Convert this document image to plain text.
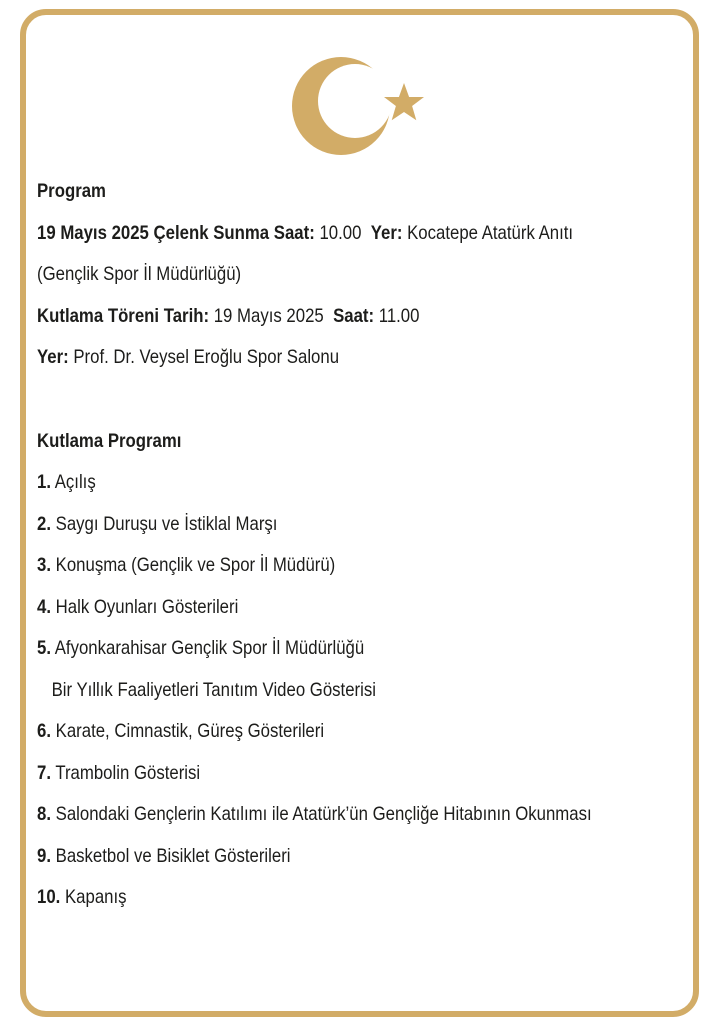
Program
19 Mayıs 2025 Çelenk Sunma Saat: 10.00 Yer: Kocatepe Atatürk Anıtı
(Gençlik Spor İl Müdürlüğü)
Kutlama Töreni Tarih: 19 Mayıs 2025 Saat: 11.00
Yer: Prof. Dr. Veysel Eroğlu Spor Salonu
Kutlama Programı
1. Açılış
2. Saygı Duruşu ve İstiklal Marşı
3. Konuşma (Gençlik ve Spor İl Müdürü)
4. Halk Oyunları Gösterileri
5. Afyonkarahisar Gençlik Spor İl Müdürlüğü
Bir Yıllık Faaliyetleri Tanıtım Video Gösterisi
6. Karate, Cimnastik, Güreş Gösterileri
7. Trambolin Gösterisi
8. Salondaki Gençlerin Katılımı ile Atatürk’ün Gençliğe Hitabının Okunması
9. Basketbol ve Bisiklet Gösterileri
10. Kapanış
